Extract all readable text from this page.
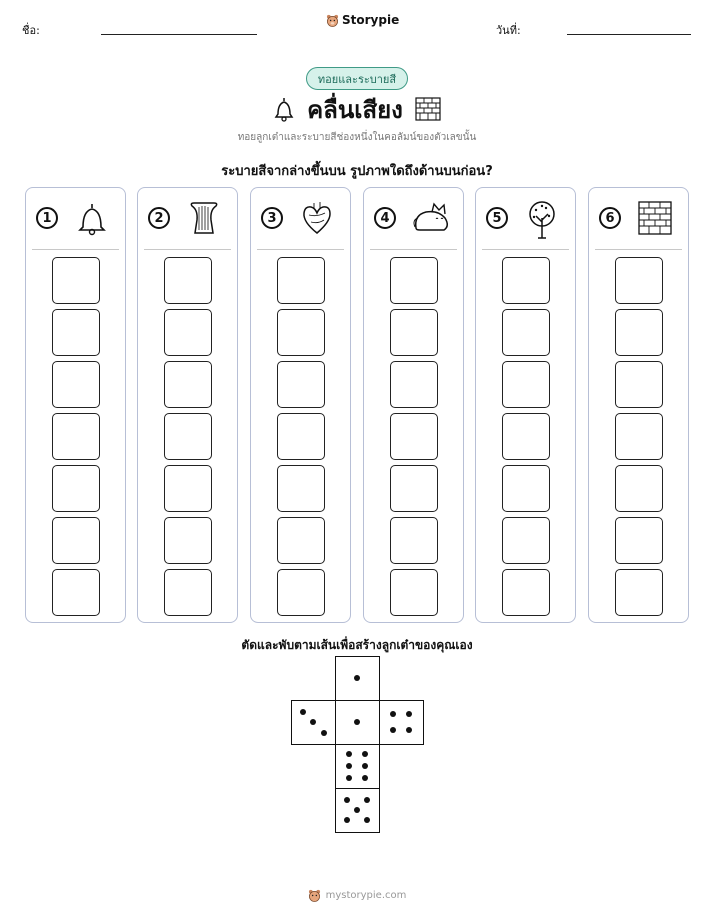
ชื่อ:
Storypie
วันที่:
ทอยและระบายสี
คลื่นเสียง
ทอยลูกเต๋าและระบายสีช่องหนึ่งในคอลัมน์ของตัวเลขนั้น
ระบายสีจากล่างขึ้นบน รูปภาพใดถึงด้านบนก่อน?
1	2	3	4	5	6
ตัดและพับตามเส้นเพื่อสร้างลูกเต๋าของคุณเอง
mystorypie.com
